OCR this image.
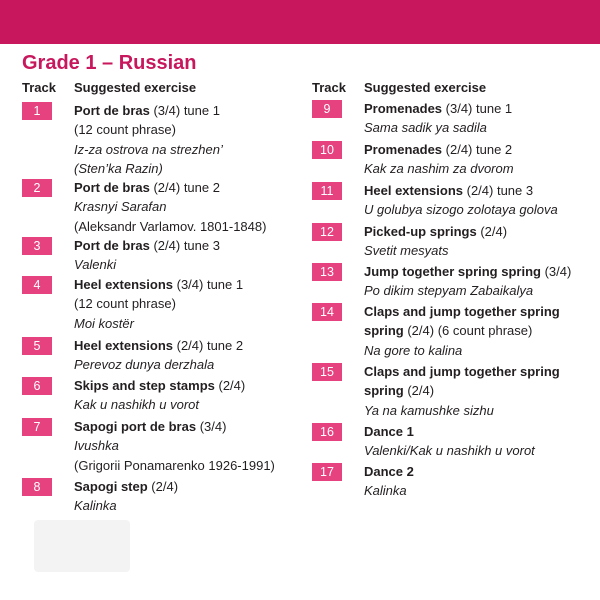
Grade 1 – Russian
Track Suggested exercise	Track Suggested exercise
1	Port de bras (3/4) tune 1
(12 count phrase)
Iz-za ostrova na strezhen’
(Sten’ka Razin)
2	Port de bras (2/4) tune 2
Krasnyi Sarafan
(Aleksandr Varlamov. 1801-1848)
3	Port de bras (2/4) tune 3
Valenki
4	Heel extensions (3/4) tune 1
(12 count phrase)
Moi kostër
5	Heel extensions (2/4) tune 2
Perevoz dunya derzhala
6	Skips and step stamps (2/4)
Kak u nashikh u vorot
7	Sapogi port de bras (3/4)
Ivushka
(Grigorii Ponamarenko 1926-1991)
8	Sapogi step (2/4)
Kalinka
9	Promenades (3/4) tune 1
Sama sadik ya sadila
10	Promenades (2/4) tune 2
Kak za nashim za dvorom
11	Heel extensions (2/4) tune 3
U golubya sizogo zolotaya golova
12	Picked-up springs (2/4)
Svetit mesyats
13	Jump together spring spring (3/4)
Po dikim stepyam Zabaikalya
14	Claps and jump together spring
spring (2/4) (6 count phrase)
Na gore to kalina
15	Claps and jump together spring
spring (2/4)
Ya na kamushke sizhu
16	Dance 1
Valenki/Kak u nashikh u vorot
17	Dance 2
Kalinka
